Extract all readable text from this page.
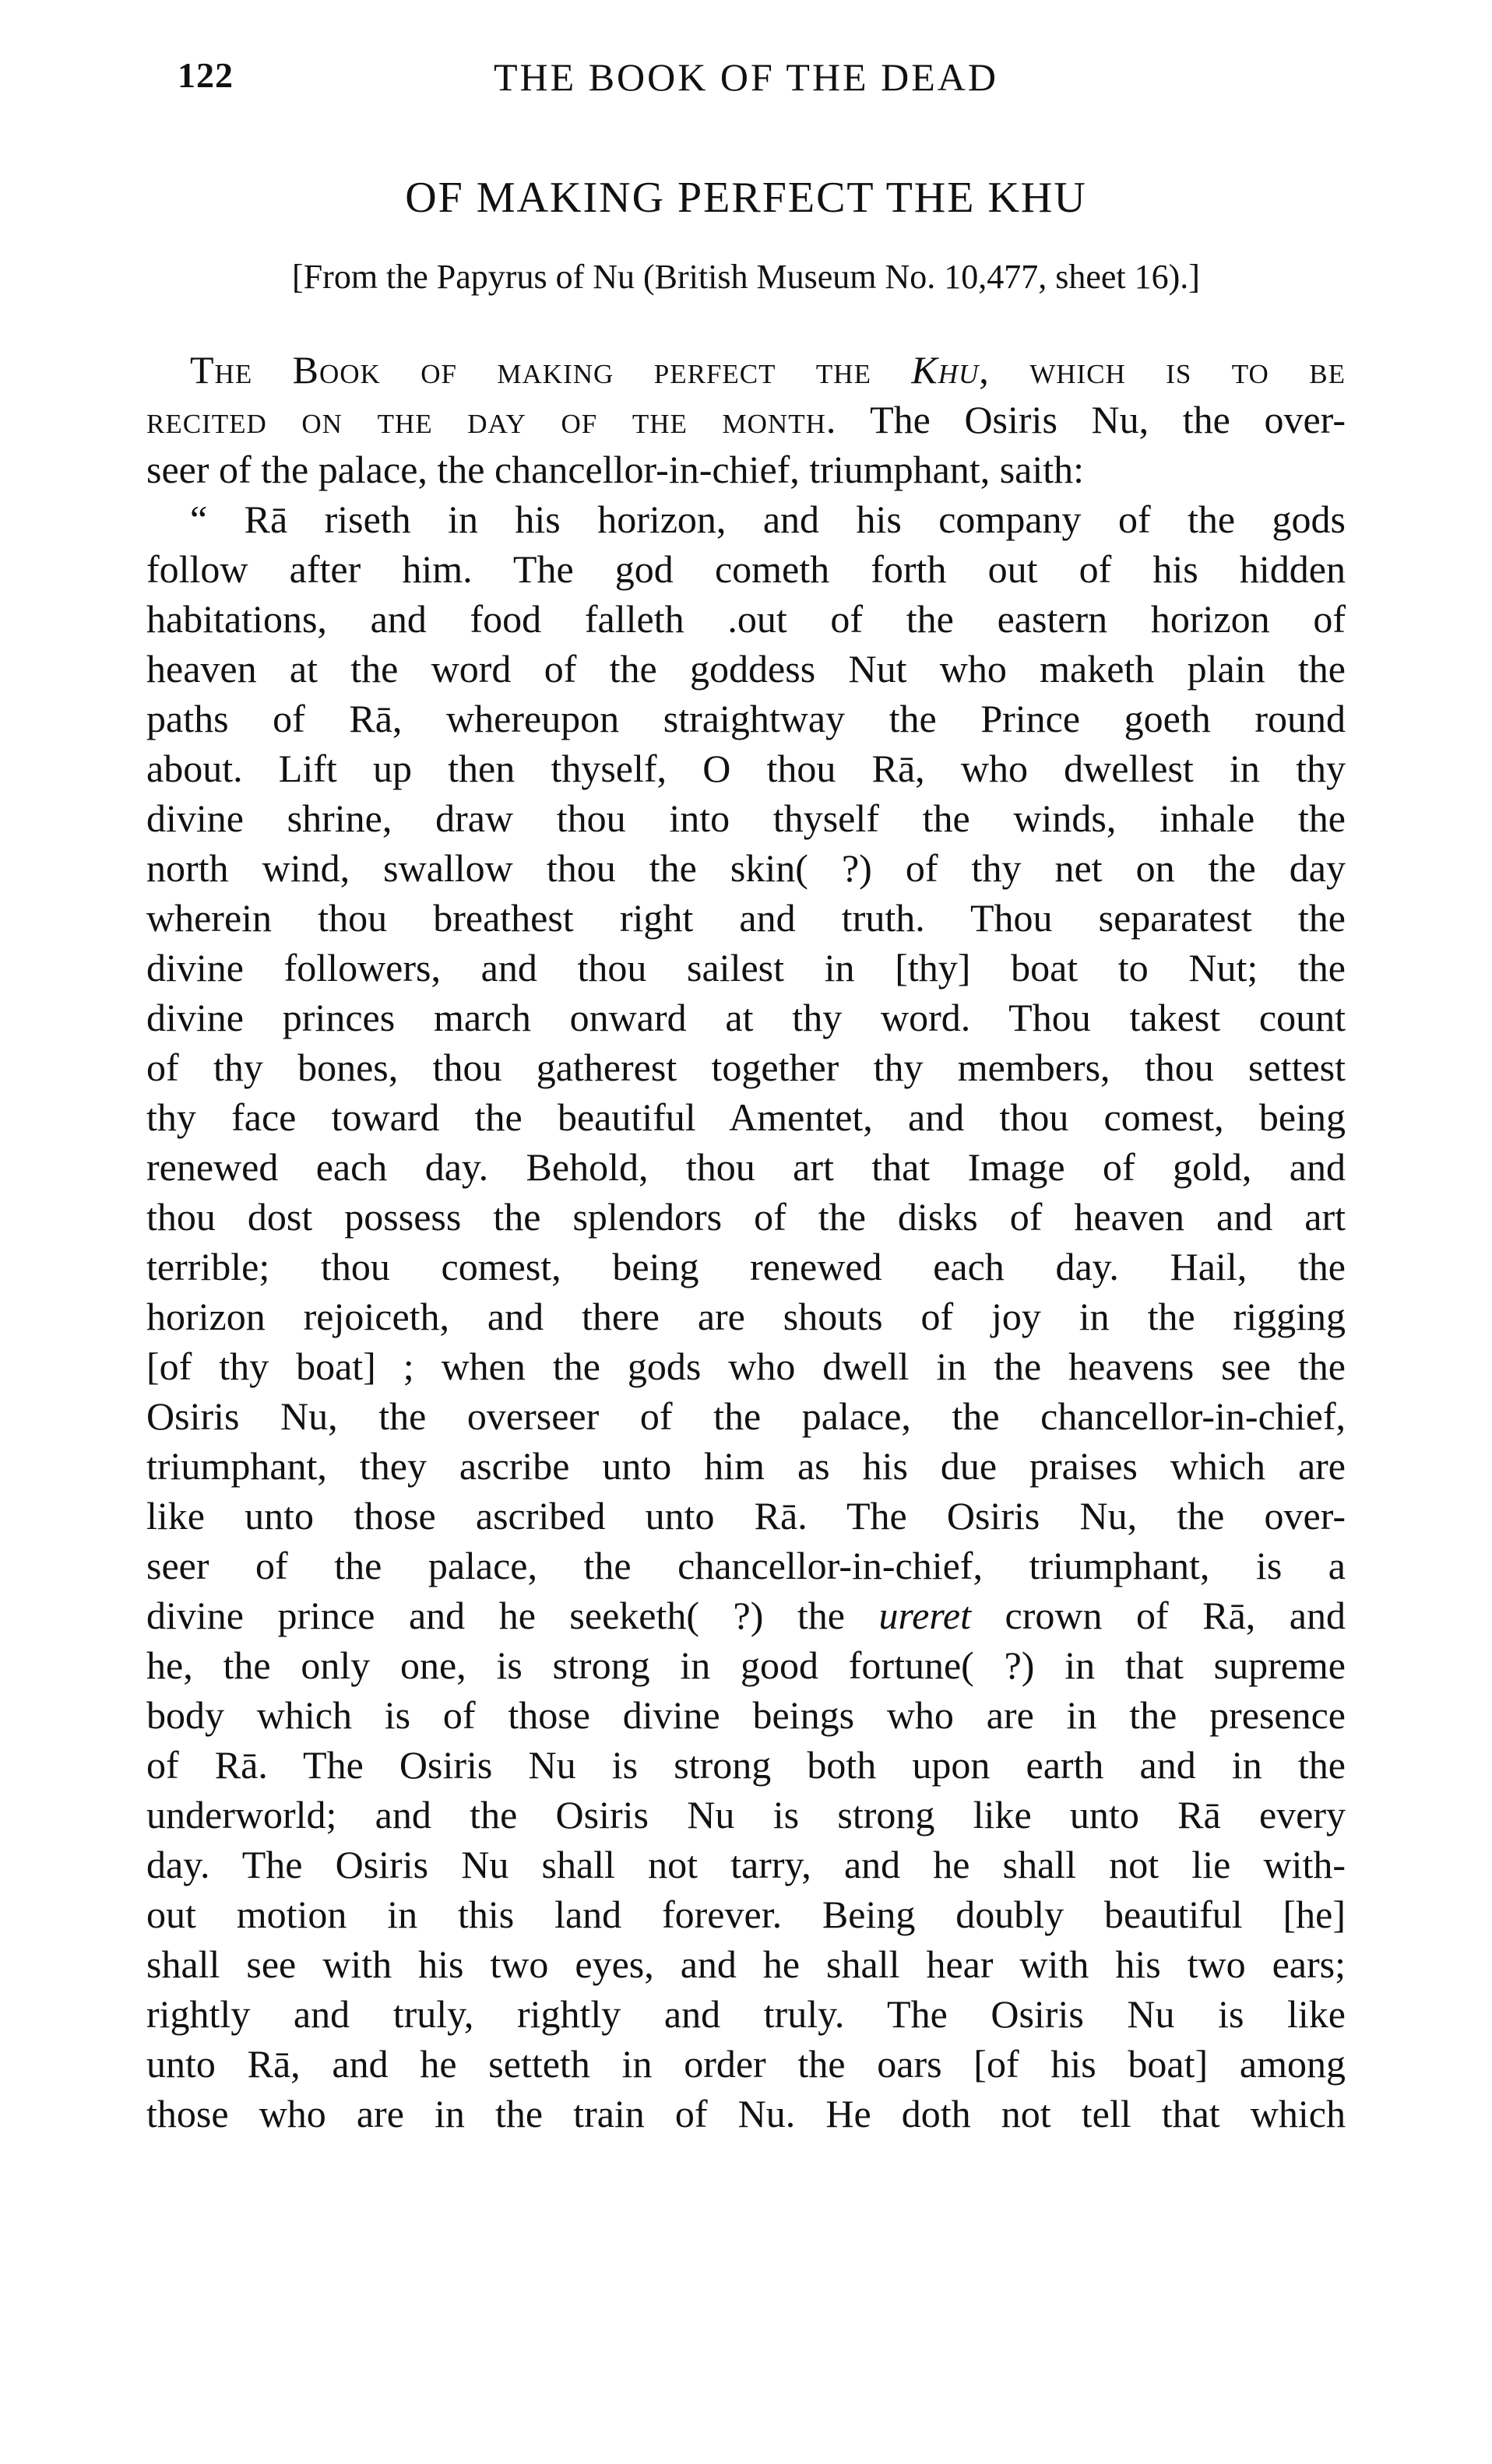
122	THE BOOK OF THE DEAD
OF MAKING PERFECT THE KHU
[From the Papyrus of Nu (British Museum No. 10,477, sheet 16).]
The Book of making perfect the Khu, which is to be
recited on the day of the month. The Osiris Nu, the over-
seer of the palace, the chancellor-in-chief, triumphant, saith:
“ Rā riseth in his horizon, and his company of the gods
follow after him. The god cometh forth out of his hidden
habitations, and food falleth .out of the eastern horizon of
heaven at the word of the goddess Nut who maketh plain the
paths of Rā, whereupon straightway the Prince goeth round
about. Lift up then thyself, O thou Rā, who dwellest in thy
divine shrine, draw thou into thyself the winds, inhale the
north wind, swallow thou the skin( ?) of thy net on the day
wherein thou breathest right and truth. Thou separatest the
divine followers, and thou sailest in [thy] boat to Nut; the
divine princes march onward at thy word. Thou takest count
of thy bones, thou gatherest together thy members, thou settest
thy face toward the beautiful Amentet, and thou comest, being
renewed each day. Behold, thou art that Image of gold, and
thou dost possess the splendors of the disks of heaven and art
terrible; thou comest, being renewed each day. Hail, the
horizon rejoiceth, and there are shouts of joy in the rigging
[of thy boat] ; when the gods who dwell in the heavens see the
Osiris Nu, the overseer of the palace, the chancellor-in-chief,
triumphant, they ascribe unto him as his due praises which are
like unto those ascribed unto Rā. The Osiris Nu, the over-
seer of the palace, the chancellor-in-chief, triumphant, is a
divine prince and he seeketh( ?) the ureret crown of Rā, and
he, the only one, is strong in good fortune( ?) in that supreme
body which is of those divine beings who are in the presence
of Rā. The Osiris Nu is strong both upon earth and in the
underworld; and the Osiris Nu is strong like unto Rā every
day. The Osiris Nu shall not tarry, and he shall not lie with-
out motion in this land forever. Being doubly beautiful [he]
shall see with his two eyes, and he shall hear with his two ears;
rightly and truly, rightly and truly. The Osiris Nu is like
unto Rā, and he setteth in order the oars [of his boat] among
those who are in the train of Nu. He doth not tell that which
